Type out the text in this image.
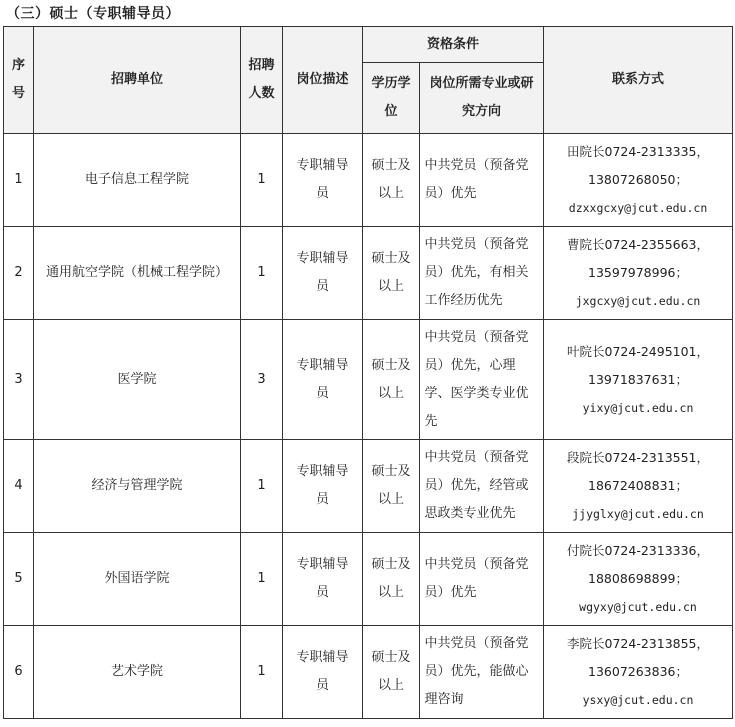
（三）硕士（专职辅导员）
序号	招聘单位	招聘人数	岗位描述	资格条件		联系方式

				学历学位	岗位所需专业或研究方向	

1	电子信息工程学院	1	专职辅导员	硕士及以上	中共党员（预备党员）优先	田院长0724-2313335，
13807268050；
dzxxgcxy@jcut.edu.cn

2	通用航空学院（机械工程学院）	1	专职辅导员	硕士及以上	中共党员（预备党员）优先，有相关工作经历优先	曹院长0724-2355663，
13597978996；
jxgcxy@jcut.edu.cn

3	医学院	3	专职辅导员	硕士及以上	中共党员（预备党员）优先，心理学、医学类专业优先	叶院长0724-2495101，
13971837631；
yixy@jcut.edu.cn

4	经济与管理学院	1	专职辅导员	硕士及以上	中共党员（预备党员）优先，经管或思政类专业优先	段院长0724-2313551，
18672408831；
jjyglxy@jcut.edu.cn

5	外国语学院	1	专职辅导员	硕士及以上	中共党员（预备党员）优先	付院长0724-2313336，
18808698899；
wgyxy@jcut.edu.cn

6	艺术学院	1	专职辅导员	硕士及以上	中共党员（预备党员）优先，能做心理咨询	李院长0724-2313855，
13607263836；
ysxy@jcut.edu.cn
